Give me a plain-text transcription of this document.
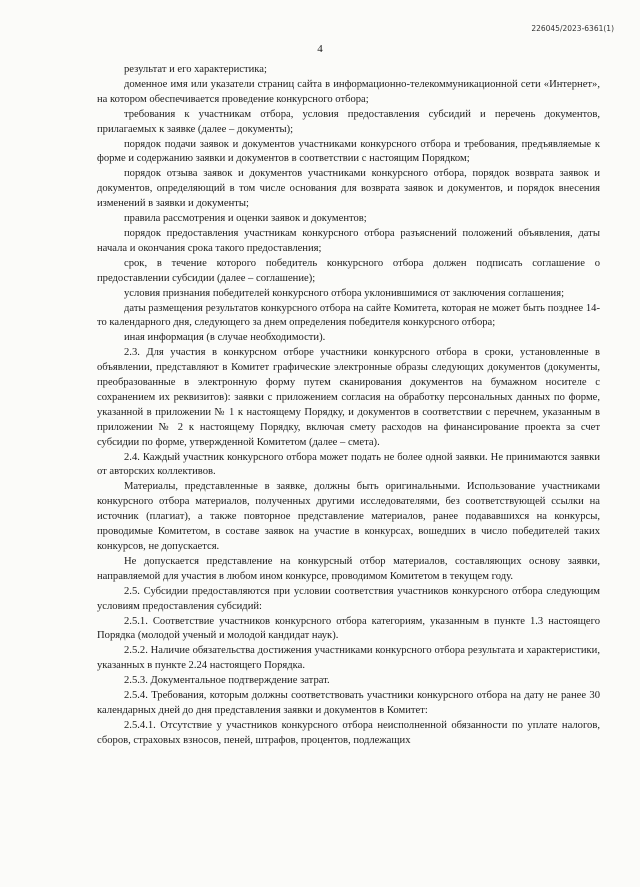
226045/2023-6361(1)
4

результат и его характеристика;

доменное имя или указатели страниц сайта в информационно-телекоммуникационной сети «Интернет», на котором обеспечивается проведение конкурсного отбора;

требования к участникам отбора, условия предоставления субсидий и перечень документов, прилагаемых к заявке (далее – документы);

порядок подачи заявок и документов участниками конкурсного отбора и требования, предъявляемые к форме и содержанию заявки и документов в соответствии с настоящим Порядком;

порядок отзыва заявок и документов участниками конкурсного отбора, порядок возврата заявок и документов, определяющий в том числе основания для возврата заявок и документов, и порядок внесения изменений в заявки и документы;

правила рассмотрения и оценки заявок и документов;

порядок предоставления участникам конкурсного отбора разъяснений положений объявления, даты начала и окончания срока такого предоставления;

срок, в течение которого победитель конкурсного отбора должен подписать соглашение о предоставлении субсидии (далее – соглашение);

условия признания победителей конкурсного отбора уклонившимися от заключения соглашения;

даты размещения результатов конкурсного отбора на сайте Комитета, которая не может быть позднее 14-то календарного дня, следующего за днем определения победителя конкурсного отбора;

иная информация (в случае необходимости).

2.3. Для участия в конкурсном отборе участники конкурсного отбора в сроки, установленные в объявлении, представляют в Комитет графические электронные образы следующих документов (документы, преобразованные в электронную форму путем сканирования документов на бумажном носителе с сохранением их реквизитов): заявки с приложением согласия на обработку персональных данных по форме, указанной в приложении № 1 к настоящему Порядку, и документов в соответствии с перечнем, указанным в приложении № 2 к настоящему Порядку, включая смету расходов на финансирование проекта за счет субсидии по форме, утвержденной Комитетом (далее – смета).

2.4. Каждый участник конкурсного отбора может подать не более одной заявки. Не принимаются заявки от авторских коллективов.

Материалы, представленные в заявке, должны быть оригинальными. Использование участниками конкурсного отбора материалов, полученных другими исследователями, без соответствующей ссылки на источник (плагиат), а также повторное представление материалов, ранее подававшихся на конкурсы, проводимые Комитетом, в составе заявок на участие в конкурсах, вошедших в число победителей таких конкурсов, не допускается.

Не допускается представление на конкурсный отбор материалов, составляющих основу заявки, направляемой для участия в любом ином конкурсе, проводимом Комитетом в текущем году.

2.5. Субсидии предоставляются при условии соответствия участников конкурсного отбора следующим условиям предоставления субсидий:

2.5.1. Соответствие участников конкурсного отбора категориям, указанным в пункте 1.3 настоящего Порядка (молодой ученый и молодой кандидат наук).

2.5.2. Наличие обязательства достижения участниками конкурсного отбора результата и характеристики, указанных в пункте 2.24 настоящего Порядка.

2.5.3. Документальное подтверждение затрат.

2.5.4. Требования, которым должны соответствовать участники конкурсного отбора на дату не ранее 30 календарных дней до дня представления заявки и документов в Комитет:

2.5.4.1. Отсутствие у участников конкурсного отбора неисполненной обязанности по уплате налогов, сборов, страховых взносов, пеней, штрафов, процентов, подлежащих
